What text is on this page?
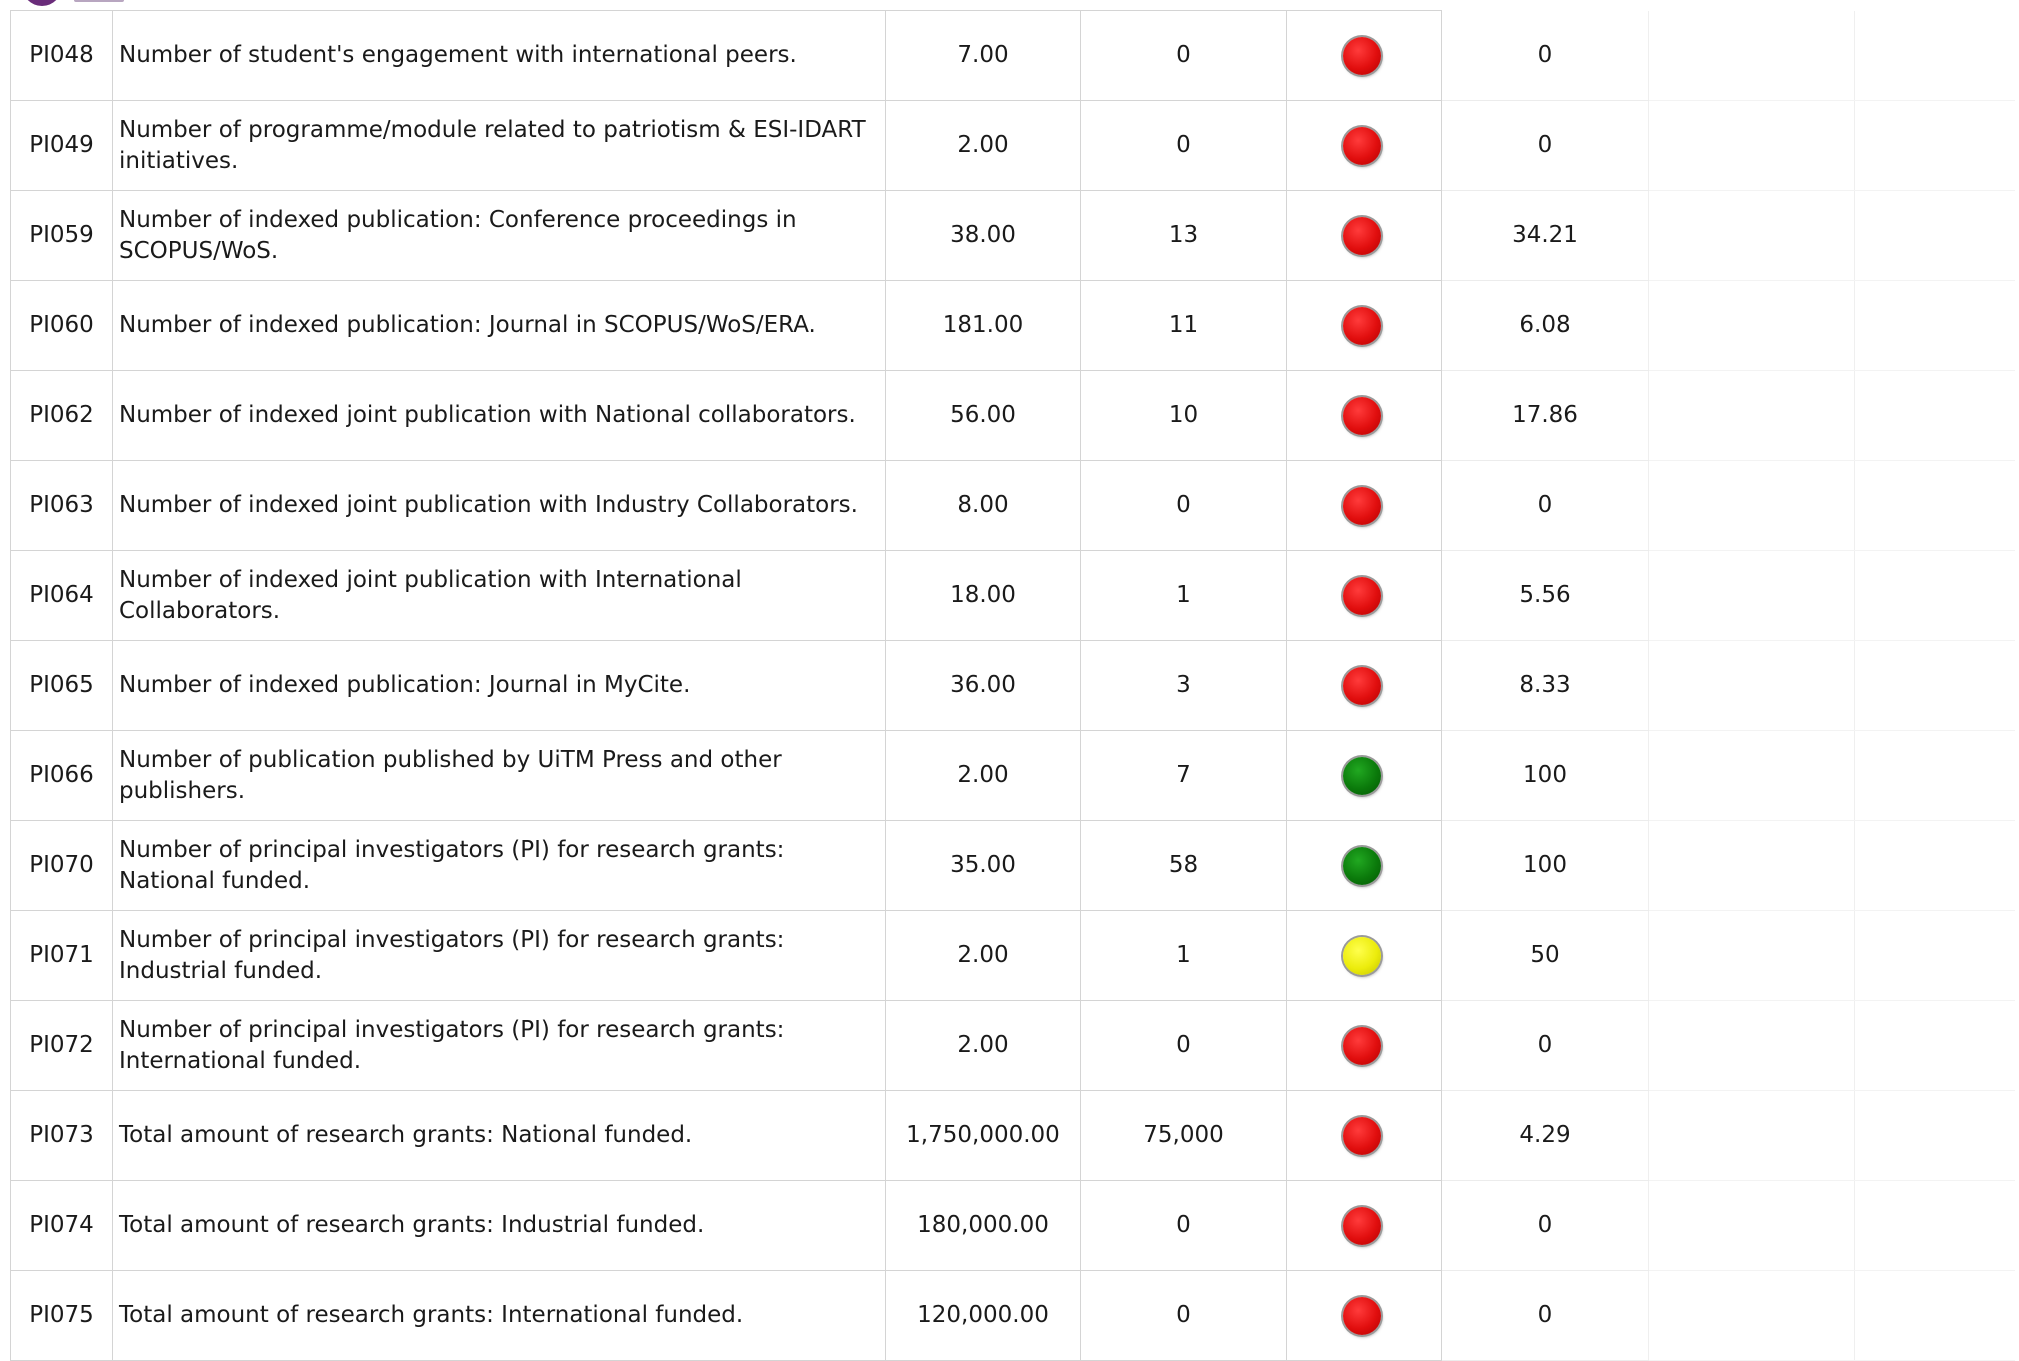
PI048	Number of student's engagement with international peers.	7.00	0		0		
PI049	Number of programme/module related to patriotism & ESI-IDART initiatives.	2.00	0		0		
PI059	Number of indexed publication: Conference proceedings in SCOPUS/WoS.	38.00	13		34.21		
PI060	Number of indexed publication: Journal in SCOPUS/WoS/ERA.	181.00	11		6.08		
PI062	Number of indexed joint publication with National collaborators.	56.00	10		17.86		
PI063	Number of indexed joint publication with Industry Collaborators.	8.00	0		0		
PI064	Number of indexed joint publication with International Collaborators.	18.00	1		5.56		
PI065	Number of indexed publication: Journal in MyCite.	36.00	3		8.33		
PI066	Number of publication published by UiTM Press and other publishers.	2.00	7		100		
PI070	Number of principal investigators (PI) for research grants: National funded.	35.00	58		100		
PI071	Number of principal investigators (PI) for research grants: Industrial funded.	2.00	1		50		
PI072	Number of principal investigators (PI) for research grants: International funded.	2.00	0		0		
PI073	Total amount of research grants: National funded.	1,750,000.00	75,000		4.29		
PI074	Total amount of research grants: Industrial funded.	180,000.00	0		0		
PI075	Total amount of research grants: International funded.	120,000.00	0		0		
